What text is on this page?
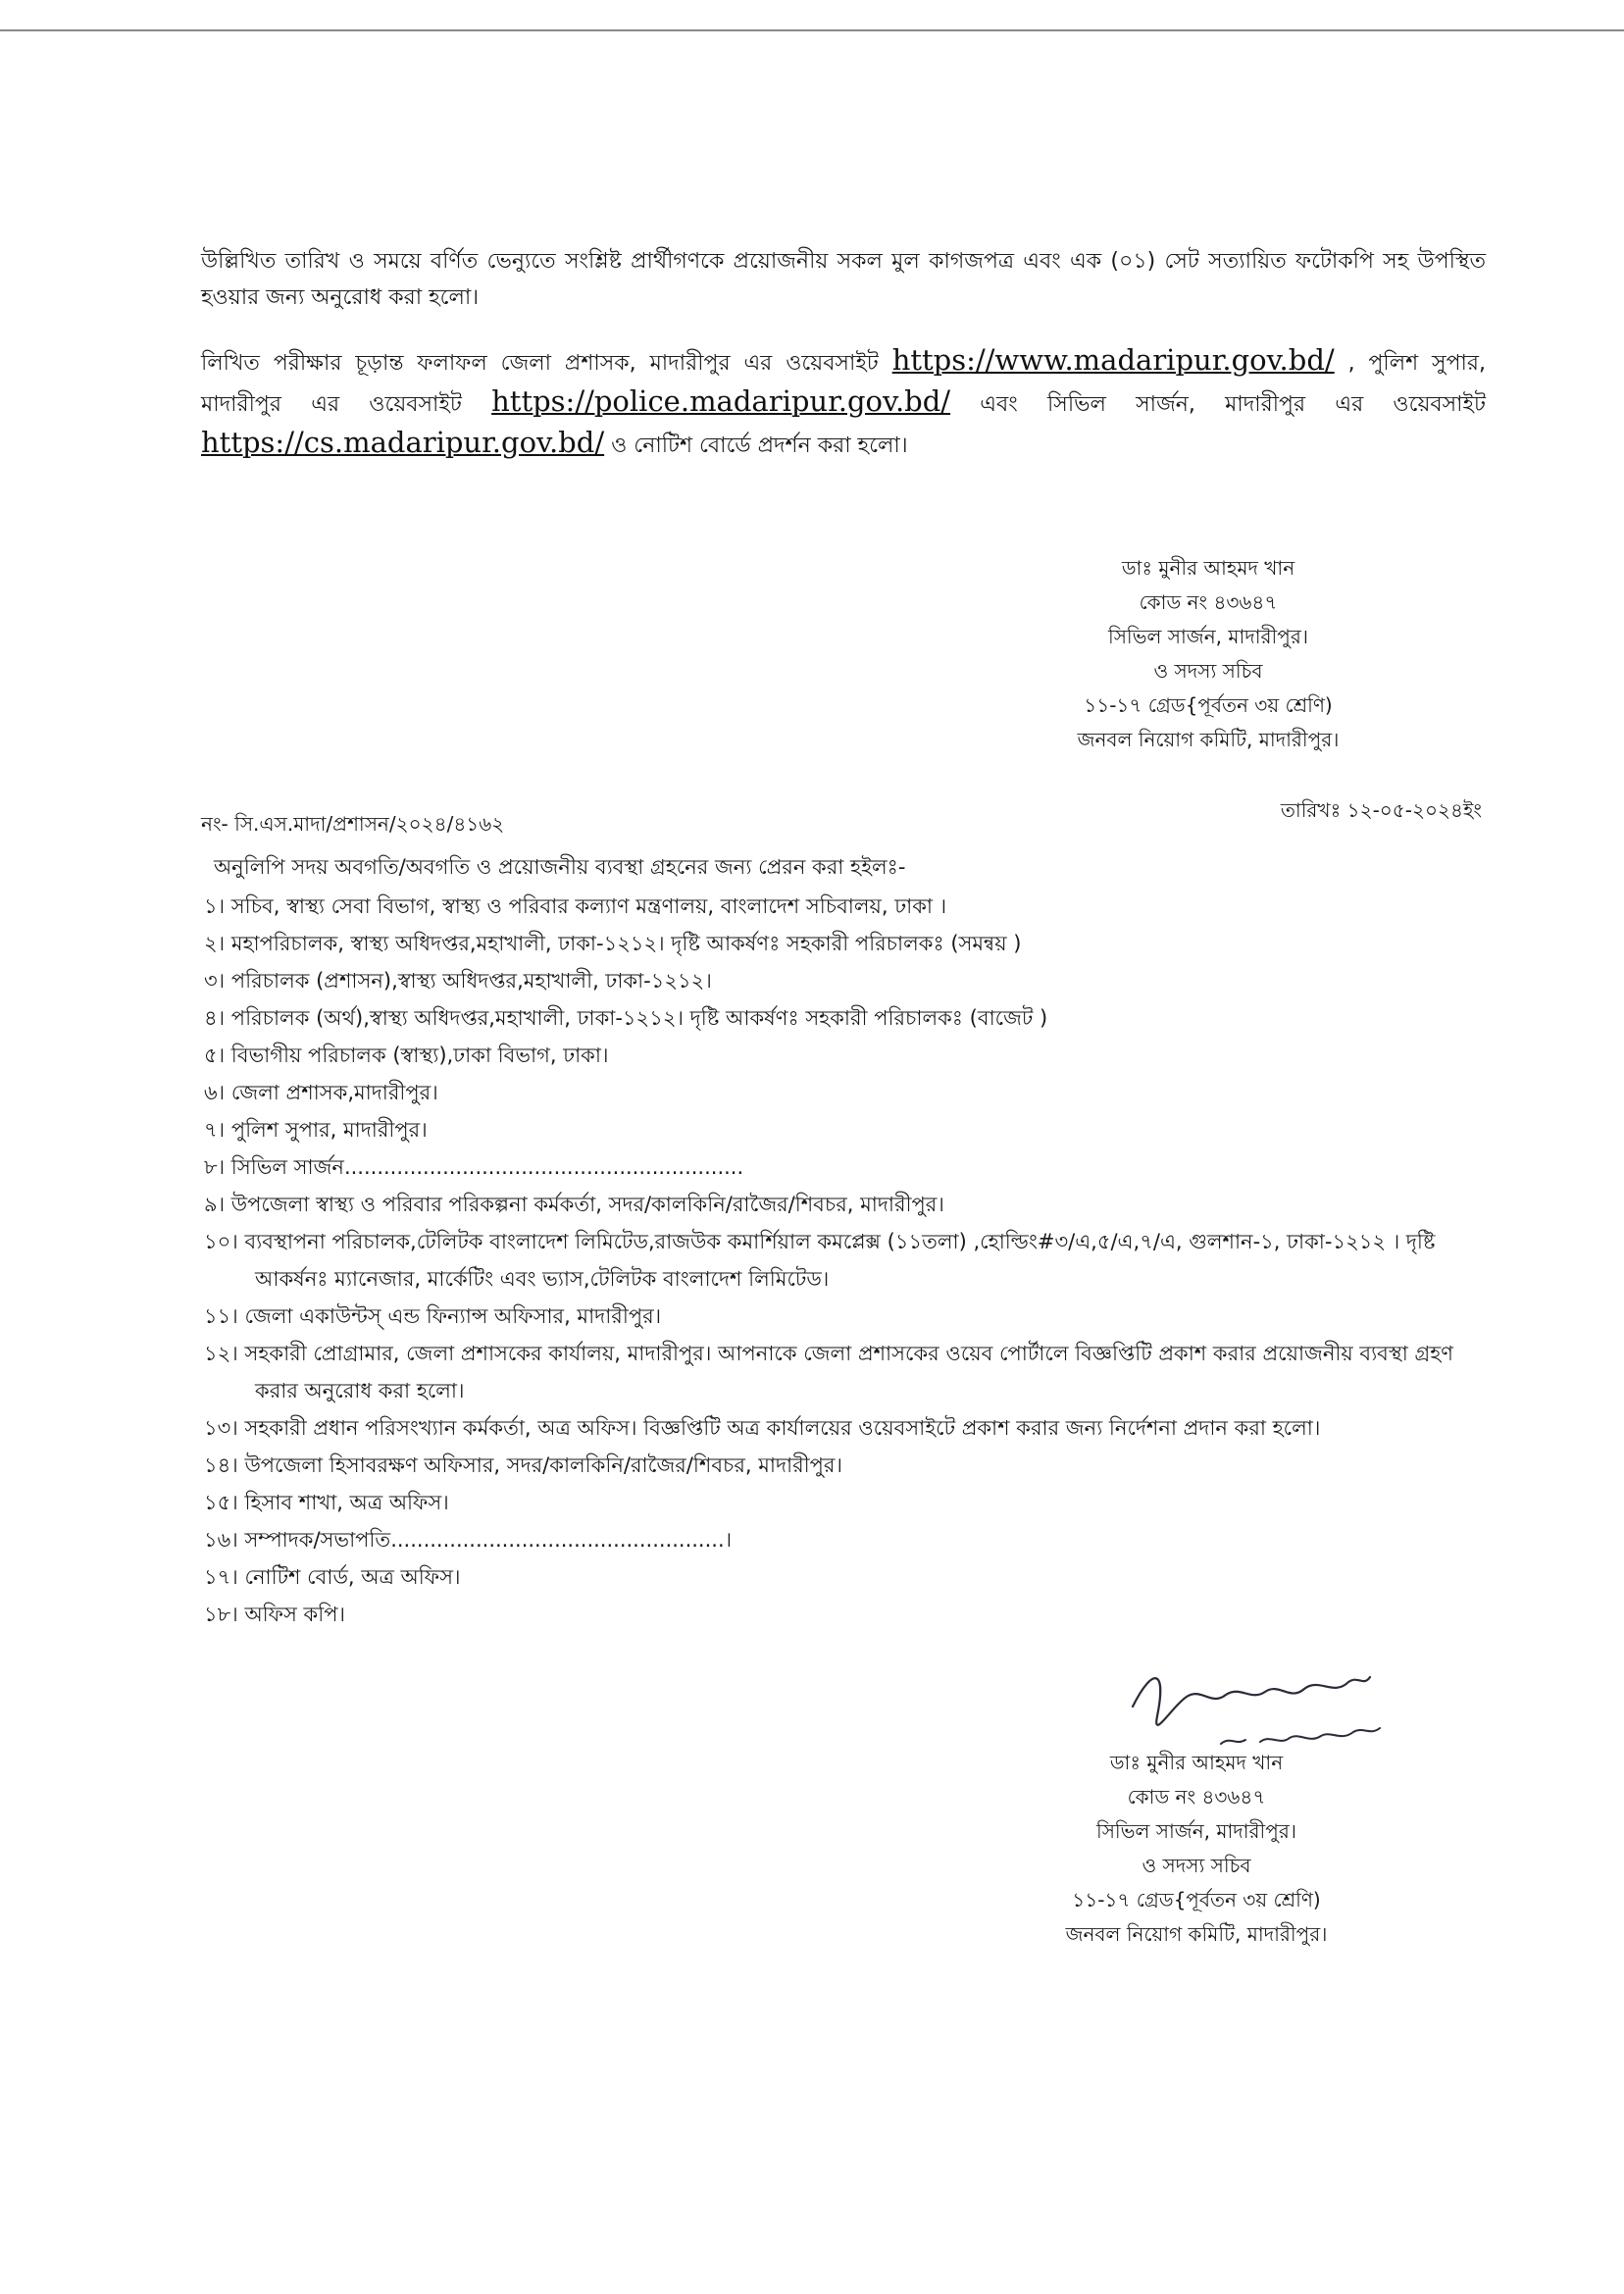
উল্লিখিত তারিখ ও সময়ে বর্ণিত ভেন্যুতে সংশ্লিষ্ট প্রার্থীগণকে প্রয়োজনীয় সকল মুল কাগজপত্র এবং এক (০১) সেট সত্যায়িত ফটোকপি সহ উপস্থিত হওয়ার জন্য অনুরোধ করা হলো।

লিখিত পরীক্ষার চূড়ান্ত ফলাফল জেলা প্রশাসক, মাদারীপুর এর ওয়েবসাইট https://www.madaripur.gov.bd/ , পুলিশ সুপার, মাদারীপুর এর ওয়েবসাইট https://police.madaripur.gov.bd/ এবং সিভিল সার্জন, মাদারীপুর এর ওয়েবসাইট https://cs.madaripur.gov.bd/ ও নোটিশ বোর্ডে প্রদর্শন করা হলো।

ডাঃ মুনীর আহমদ খান
কোড নং ৪৩৬৪৭
সিভিল সার্জন, মাদারীপুর।
ও সদস্য সচিব
১১-১৭ গ্রেড{পূর্বতন ৩য় শ্রেণি)
জনবল নিয়োগ কমিটি, মাদারীপুর।
নং- সি.এস.মাদা/প্রশাসন/২০২৪/৪১৬২
তারিখঃ ১২-০৫-২০২৪ইং
অনুলিপি সদয় অবগতি/অবগতি ও প্রয়োজনীয় ব্যবস্থা গ্রহনের জন্য প্রেরন করা হইলঃ-
১। সচিব, স্বাস্থ্য সেবা বিভাগ, স্বাস্থ্য ও পরিবার কল্যাণ মন্ত্রণালয়, বাংলাদেশ সচিবালয়, ঢাকা ।
২। মহাপরিচালক, স্বাস্থ্য অধিদপ্তর,মহাখালী, ঢাকা-১২১২। দৃষ্টি আকর্ষণঃ সহকারী পরিচালকঃ (সমন্বয় )
৩। পরিচালক (প্রশাসন),স্বাস্থ্য অধিদপ্তর,মহাখালী, ঢাকা-১২১২।
৪। পরিচালক (অর্থ),স্বাস্থ্য অধিদপ্তর,মহাখালী, ঢাকা-১২১২। দৃষ্টি আকর্ষণঃ সহকারী পরিচালকঃ (বাজেট )
৫। বিভাগীয় পরিচালক (স্বাস্থ্য),ঢাকা বিভাগ, ঢাকা।
৬। জেলা প্রশাসক,মাদারীপুর।
৭। পুলিশ সুপার, মাদারীপুর।
৮। সিভিল সার্জন.............................................................
৯। উপজেলা স্বাস্থ্য ও পরিবার পরিকল্পনা কর্মকর্তা, সদর/কালকিনি/রাজৈর/শিবচর, মাদারীপুর।
১০। ব্যবস্থাপনা পরিচালক,টেলিটক বাংলাদেশ লিমিটেড,রাজউক কমার্শিয়াল কমপ্লেক্স (১১তলা) ,হোল্ডিং#৩/এ,৫/এ,৭/এ, গুলশান-১, ঢাকা-১২১২ । দৃষ্টি আকর্ষনঃ ম্যানেজার, মার্কেটিং এবং ভ্যাস,টেলিটক বাংলাদেশ লিমিটেড।
১১। জেলা একাউন্টস্ এন্ড ফিন্যান্স অফিসার, মাদারীপুর।
১২। সহকারী প্রোগ্রামার, জেলা প্রশাসকের কার্যালয়, মাদারীপুর। আপনাকে জেলা প্রশাসকের ওয়েব পোর্টালে বিজ্ঞপ্তিটি প্রকাশ করার প্রয়োজনীয় ব্যবস্থা গ্রহণ করার অনুরোধ করা হলো।
১৩। সহকারী প্রধান পরিসংখ্যান কর্মকর্তা, অত্র অফিস। বিজ্ঞপ্তিটি অত্র কার্যালয়ের ওয়েবসাইটে প্রকাশ করার জন্য নির্দেশনা প্রদান করা হলো।
১৪। উপজেলা হিসাবরক্ষণ অফিসার, সদর/কালকিনি/রাজৈর/শিবচর, মাদারীপুর।
১৫। হিসাব শাখা, অত্র অফিস।
১৬। সম্পাদক/সভাপতি...................................................।
১৭। নোটিশ বোর্ড, অত্র অফিস।
১৮। অফিস কপি।
ডাঃ মুনীর আহমদ খান
কোড নং ৪৩৬৪৭
সিভিল সার্জন, মাদারীপুর।
ও সদস্য সচিব
১১-১৭ গ্রেড{পূর্বতন ৩য় শ্রেণি)
জনবল নিয়োগ কমিটি, মাদারীপুর।
